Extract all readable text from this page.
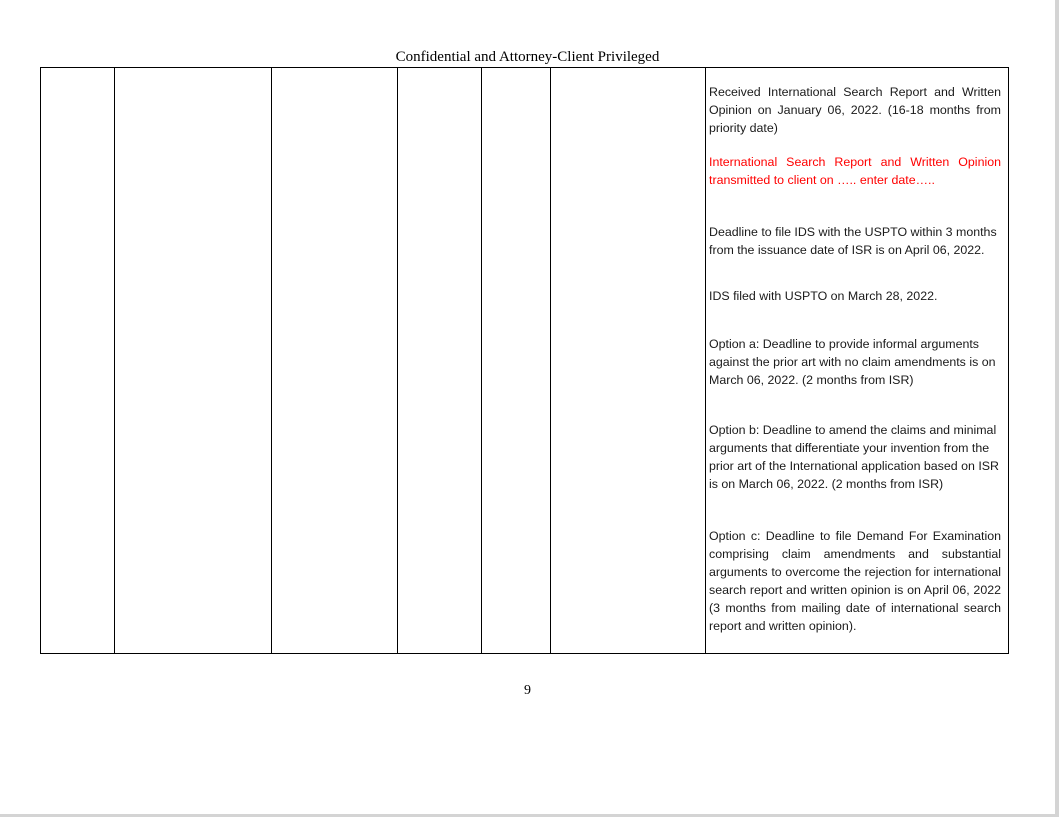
Confidential and Attorney-Client Privileged
Received International Search Report and Written Opinion on January 06, 2022. (16-18 months from priority date)
International Search Report and Written Opinion transmitted to client on ….. enter date…..
Deadline to file IDS with the USPTO within 3 months from the issuance date of ISR is on April 06, 2022.
IDS filed with USPTO on March 28, 2022.
Option a: Deadline to provide informal arguments against the prior art with no claim amendments is on March 06, 2022. (2 months from ISR)
Option b: Deadline to amend the claims and minimal arguments that differentiate your invention from the prior art of the International application based on ISR is on March 06, 2022. (2 months from ISR)
Option c: Deadline to file Demand For Examination comprising claim amendments and substantial arguments to overcome the rejection for international search report and written opinion is on April 06, 2022 (3 months from mailing date of international search report and written opinion).
9
